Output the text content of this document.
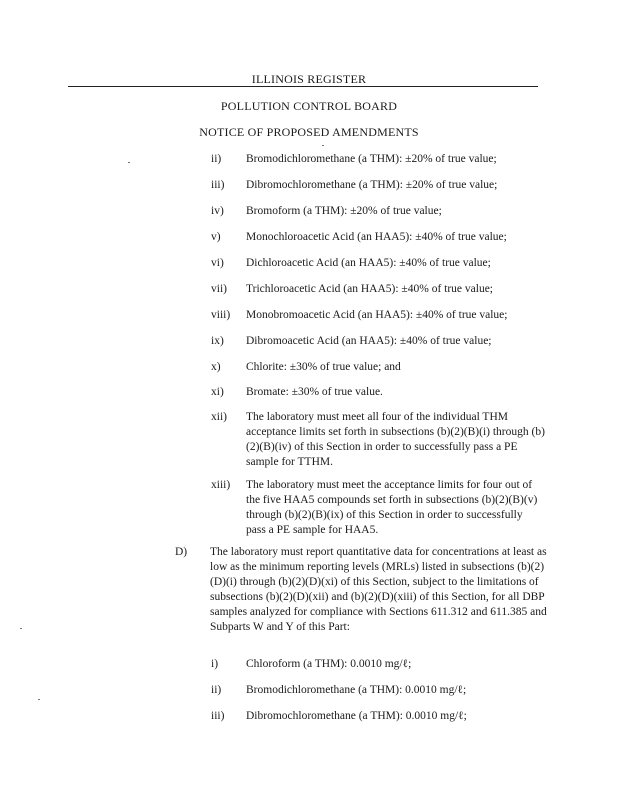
ILLINOIS REGISTER
POLLUTION CONTROL BOARD
NOTICE OF PROPOSED AMENDMENTS
ii)	Bromodichloromethane (a THM): ±20% of true value;
iii)	Dibromochloromethane (a THM): ±20% of true value;
iv)	Bromoform (a THM): ±20% of true value;
v)	Monochloroacetic Acid (an HAA5): ±40% of true value;
vi)	Dichloroacetic Acid (an HAA5): ±40% of true value;
vii)	Trichloroacetic Acid (an HAA5): ±40% of true value;
viii)	Monobromoacetic Acid (an HAA5): ±40% of true value;
ix)	Dibromoacetic Acid (an HAA5): ±40% of true value;
x)	Chlorite: ±30% of true value; and
xi)	Bromate: ±30% of true value.
xii)	The laboratory must meet all four of the individual THM acceptance limits set forth in subsections (b)(2)(B)(i) through (b)(2)(B)(iv) of this Section in order to successfully pass a PE sample for TTHM.
xiii)	The laboratory must meet the acceptance limits for four out of the five HAA5 compounds set forth in subsections (b)(2)(B)(v) through (b)(2)(B)(ix) of this Section in order to successfully pass a PE sample for HAA5.
D)	The laboratory must report quantitative data for concentrations at least as low as the minimum reporting levels (MRLs) listed in subsections (b)(2)(D)(i) through (b)(2)(D)(xi) of this Section, subject to the limitations of subsections (b)(2)(D)(xii) and (b)(2)(D)(xiii) of this Section, for all DBP samples analyzed for compliance with Sections 611.312 and 611.385 and Subparts W and Y of this Part:
i)	Chloroform (a THM): 0.0010 mg/ℓ;
ii)	Bromodichloromethane (a THM): 0.0010 mg/ℓ;
iii)	Dibromochloromethane (a THM): 0.0010 mg/ℓ;
